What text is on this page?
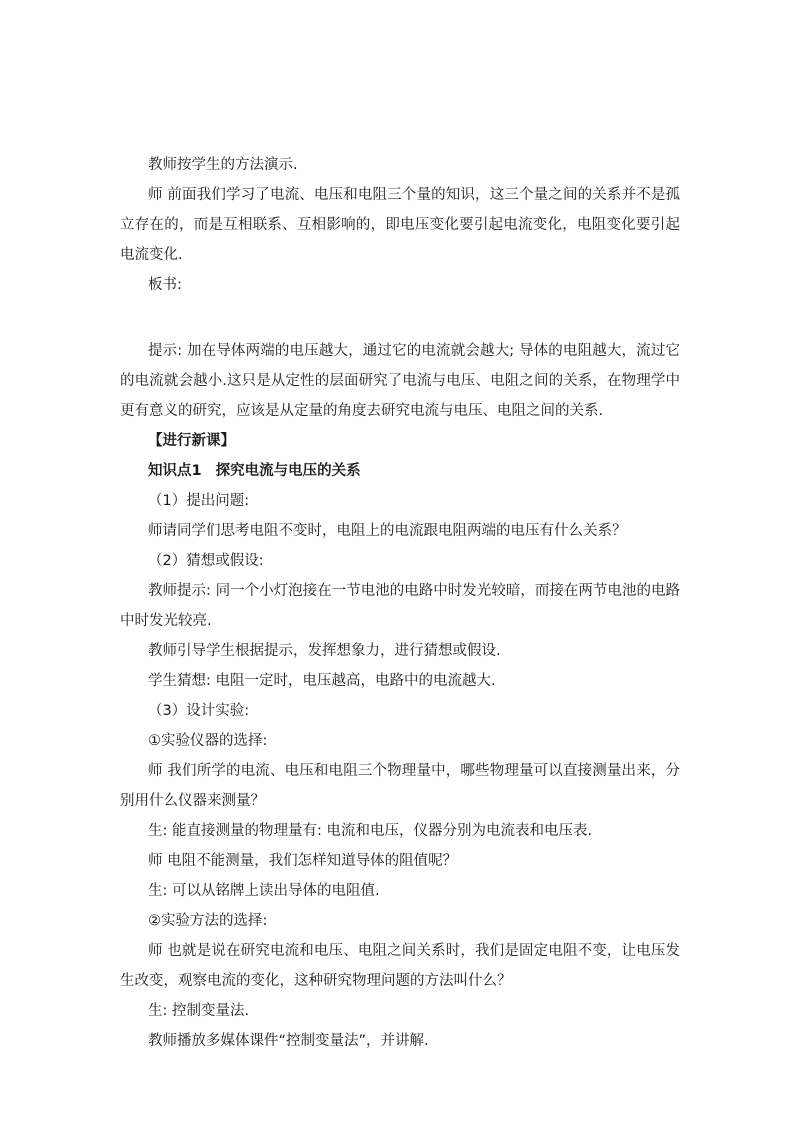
教师按学生的方法演示.

师 前面我们学习了电流、电压和电阻三个量的知识，这三个量之间的关系并不是孤立存在的，而是互相联系、互相影响的，即电压变化要引起电流变化，电阻变化要引起电流变化.

板书:

提示: 加在导体两端的电压越大，通过它的电流就会越大; 导体的电阻越大，流过它的电流就会越小.这只是从定性的层面研究了电流与电压、电阻之间的关系，在物理学中更有意义的研究，应该是从定量的角度去研究电流与电压、电阻之间的关系.

【进行新课】

知识点1 探究电流与电压的关系

（1）提出问题:

师请同学们思考电阻不变时，电阻上的电流跟电阻两端的电压有什么关系？

（2）猜想或假设:

教师提示: 同一个小灯泡接在一节电池的电路中时发光较暗，而接在两节电池的电路中时发光较亮.

教师引导学生根据提示，发挥想象力，进行猜想或假设.

学生猜想: 电阻一定时，电压越高，电路中的电流越大.

（3）设计实验:

①实验仪器的选择:

师 我们所学的电流、电压和电阻三个物理量中，哪些物理量可以直接测量出来，分别用什么仪器来测量？

生: 能直接测量的物理量有: 电流和电压，仪器分别为电流表和电压表.

师 电阻不能测量，我们怎样知道导体的阻值呢？

生: 可以从铭牌上读出导体的电阻值.

②实验方法的选择:

师 也就是说在研究电流和电压、电阻之间关系时，我们是固定电阻不变，让电压发生改变，观察电流的变化，这种研究物理问题的方法叫什么？

生: 控制变量法.

教师播放多媒体课件“控制变量法”，并讲解.
